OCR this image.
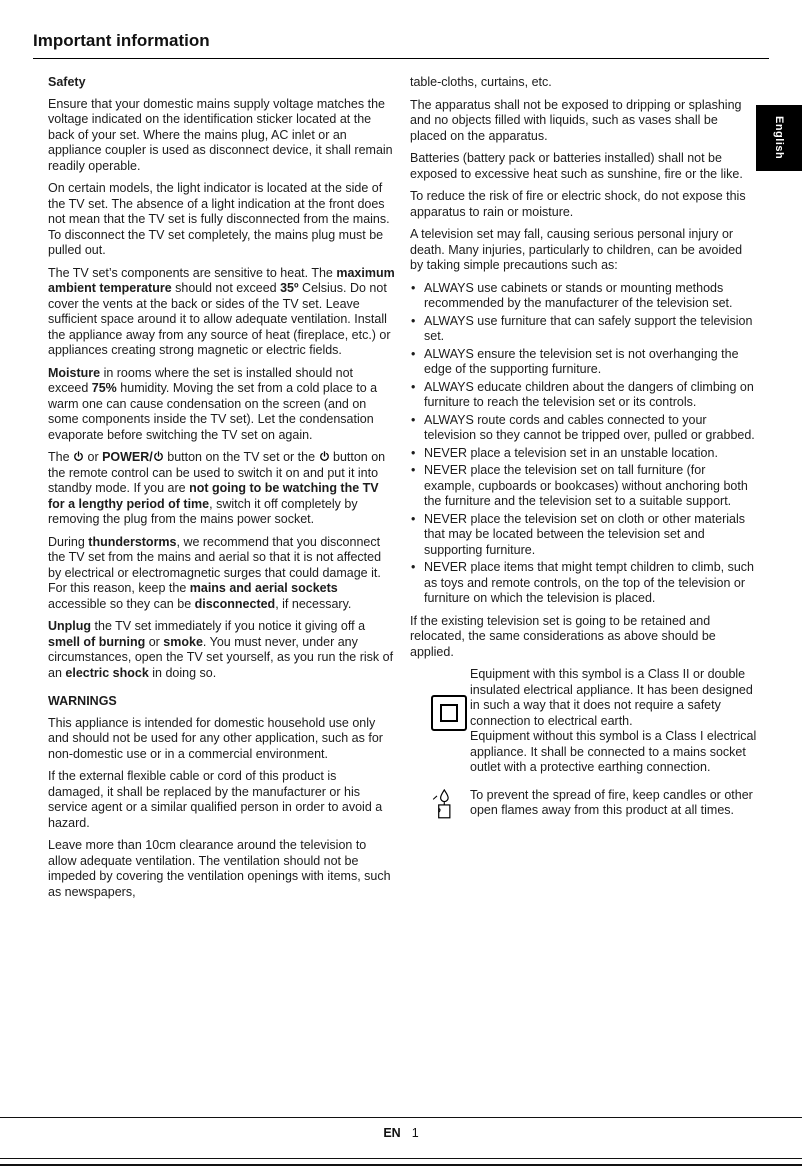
Important information
English
Safety

Ensure that your domestic mains supply voltage matches the voltage indicated on the identification sticker located at the back of your set. Where the mains plug, AC inlet or an appliance coupler is used as disconnect device, it shall remain readily operable.

On certain models, the light indicator is located at the side of the TV set. The absence of a light indication at the front does not mean that the TV set is fully disconnected from the mains. To disconnect the TV set completely, the mains plug must be pulled out.

The TV set’s components are sensitive to heat. The maximum ambient temperature should not exceed 35º Celsius. Do not cover the vents at the back or sides of the TV set. Leave sufficient space around it to allow adequate ventilation. Install the appliance away from any source of heat (fireplace, etc.) or appliances creating strong magnetic or electric fields.

Moisture in rooms where the set is installed should not exceed 75% humidity. Moving the set from a cold place to a warm one can cause condensation on the screen (and on some components inside the TV set). Let the condensation evaporate before switching the TV set on again.

The  or POWER/ button on the TV set or the  button on the remote control can be used to switch it on and put it into standby mode. If you are not going to be watching the TV for a lengthy period of time, switch it off completely by removing the plug from the mains power socket.

During thunderstorms, we recommend that you disconnect the TV set from the mains and aerial so that it is not affected by electrical or electromagnetic surges that could damage it. For this reason, keep the mains and aerial sockets accessible so they can be disconnected, if necessary.

Unplug the TV set immediately if you notice it giving off a smell of burning or smoke. You must never, under any circumstances, open the TV set yourself, as you run the risk of an electric shock in doing so.

WARNINGS

This appliance is intended for domestic household use only and should not be used for any other application, such as for non-domestic use or in a commercial environment.

If the external flexible cable or cord of this product is damaged, it shall be replaced by the manufacturer or his service agent or a similar qualified person in order to avoid a hazard.

Leave more than 10cm clearance around the television to allow adequate ventilation. The ventilation should not be impeded by covering the ventilation openings with items, such as newspapers,

table-cloths, curtains, etc.

The apparatus shall not be exposed to dripping or splashing and no objects filled with liquids, such as vases shall be placed on the apparatus.

Batteries (battery pack or batteries installed) shall not be exposed to excessive heat such as sunshine, fire or the like.

To reduce the risk of fire or electric shock, do not expose this apparatus to rain or moisture.

A television set may fall, causing serious personal injury or death. Many injuries, particularly to children, can be avoided by taking simple precautions such as:

• ALWAYS use cabinets or stands or mounting methods recommended by the manufacturer of the television set.
• ALWAYS use furniture that can safely support the television set.
• ALWAYS ensure the television set is not overhanging the edge of the supporting furniture.
• ALWAYS educate children about the dangers of climbing on furniture to reach the television set or its controls.
• ALWAYS route cords and cables connected to your television so they cannot be tripped over, pulled or grabbed.
• NEVER place a television set in an unstable location.
• NEVER place the television set on tall furniture (for example, cupboards or bookcases) without anchoring both the furniture and the television set to a suitable support.
• NEVER place the television set on cloth or other materials that may be located between the television set and supporting furniture.
• NEVER place items that might tempt children to climb, such as toys and remote controls, on the top of the television or furniture on which the television is placed.

If the existing television set is going to be retained and relocated, the same considerations as above should be applied.

Equipment with this symbol is a Class II or double insulated electrical appliance. It has been designed in such a way that it does not require a safety connection to electrical earth.

Equipment without this symbol is a Class I electrical appliance. It shall be connected to a mains socket outlet with a protective earthing connection.

To prevent the spread of fire, keep candles or other open flames away from this product at all times.

EN 1
